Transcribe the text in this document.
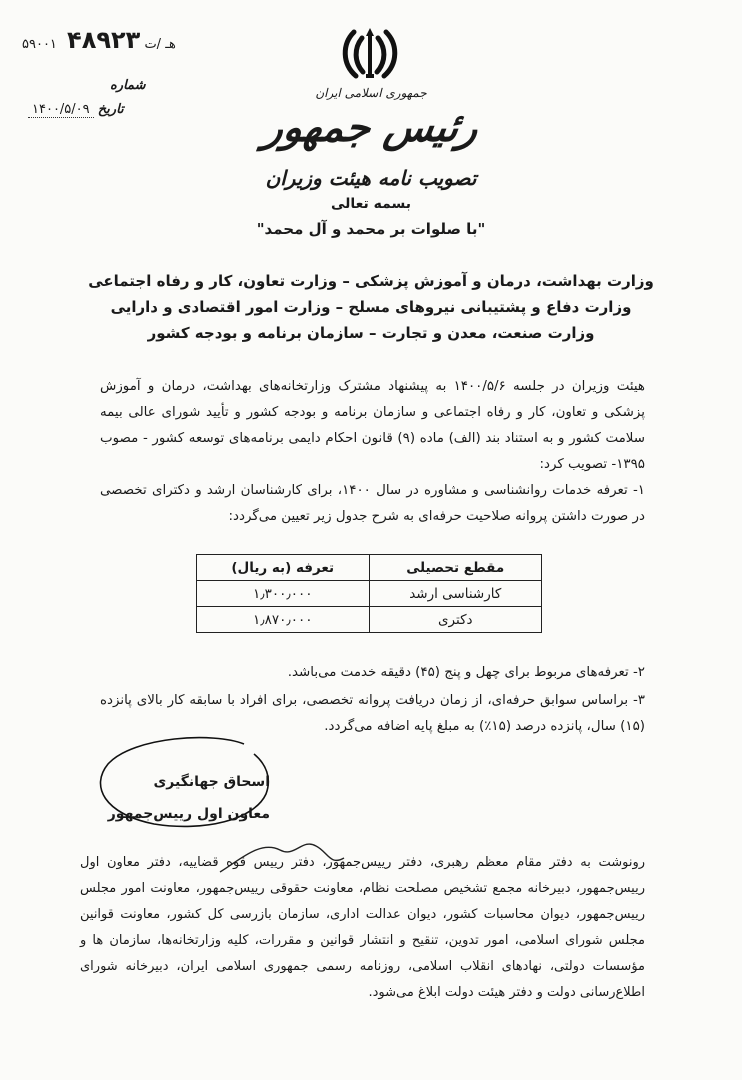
۵۹۰۰۱ هـ /ت ۴۸۹۲۳
شماره
۱۴۰۰/۵/۰۹ تاریخ
جمهوری اسلامی ایران
رئیس جمهور
تصویب نامه هیئت وزیران
بسمه تعالی
"با صلوات بر محمد و آل محمد"
وزارت بهداشت، درمان و آموزش پزشکی – وزارت تعاون، کار و رفاه اجتماعی
وزارت دفاع و پشتیبانی نیروهای مسلح – وزارت امور اقتصادی و دارایی
وزارت صنعت، معدن و تجارت – سازمان برنامه و بودجه کشور
هیئت وزیران در جلسه ۱۴۰۰/۵/۶ به پیشنهاد مشترک وزارتخانه‌های بهداشت، درمان و آموزش پزشکی و تعاون، کار و رفاه اجتماعی و سازمان برنامه و بودجه کشور و تأیید شورای عالی بیمه سلامت کشور و به استناد بند (الف) ماده (۹) قانون احکام دایمی برنامه‌های توسعه کشور - مصوب ۱۳۹۵- تصویب کرد:
۱- تعرفه خدمات روانشناسی و مشاوره در سال ۱۴۰۰، برای کارشناسان ارشد و دکترای تخصصی در صورت داشتن پروانه صلاحیت حرفه‌ای به شرح جدول زیر تعیین می‌گردد:
مقطع تحصیلی	تعرفه (به ریال)
کارشناسی ارشد	۱٫۳۰۰٫۰۰۰
دکتری	۱٫۸۷۰٫۰۰۰
۲- تعرفه‌های مربوط برای چهل و پنج (۴۵) دقیقه خدمت می‌باشد.
۳- براساس سوابق حرفه‌ای، از زمان دریافت پروانه تخصصی، برای افراد با سابقه کار بالای پانزده (۱۵) سال، پانزده درصد (۱۵٪) به مبلغ پایه اضافه می‌گردد.
اسحاق جهانگیری
معاون اول رییس‌جمهور
رونوشت به دفتر مقام معظم رهبری، دفتر رییس‌جمهور، دفتر رییس قوه قضاییه، دفتر معاون اول رییس‌جمهور، دبیرخانه مجمع تشخیص مصلحت نظام، معاونت حقوقی رییس‌جمهور، معاونت امور مجلس رییس‌جمهور، دیوان محاسبات کشور، دیوان عدالت اداری، سازمان بازرسی کل کشور، معاونت قوانین مجلس شورای اسلامی، امور تدوین، تنقیح و انتشار قوانین و مقررات، کلیه وزارتخانه‌ها، سازمان ها و مؤسسات دولتی، نهادهای انقلاب اسلامی، روزنامه رسمی جمهوری اسلامی ایران، دبیرخانه شورای اطلاع‌رسانی دولت و دفتر هیئت دولت ابلاغ می‌شود.
